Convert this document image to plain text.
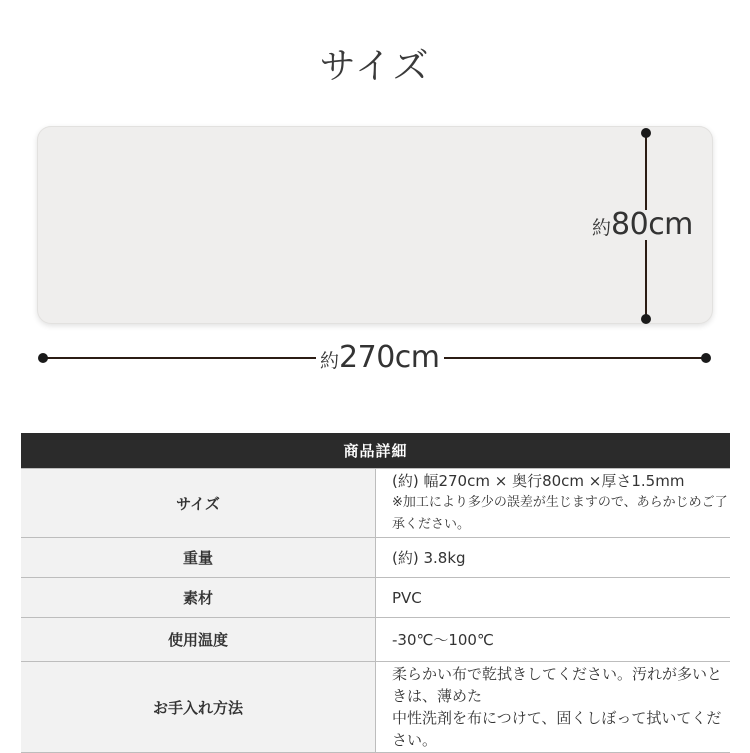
サイズ
約80cm
約270cm
商品詳細	
サイズ	(約) 幅270cm × 奥行80cm ×厚さ1.5mm
※加工により多少の誤差が生じますので、あらかじめご了承ください。

重量	(約) 3.8kg
素材	PVC
使用温度	-30℃〜100℃
お手入れ方法	柔らかい布で乾拭きしてください。汚れが多いときは、薄めた
中性洗剤を布につけて、固くしぼって拭いてください。
